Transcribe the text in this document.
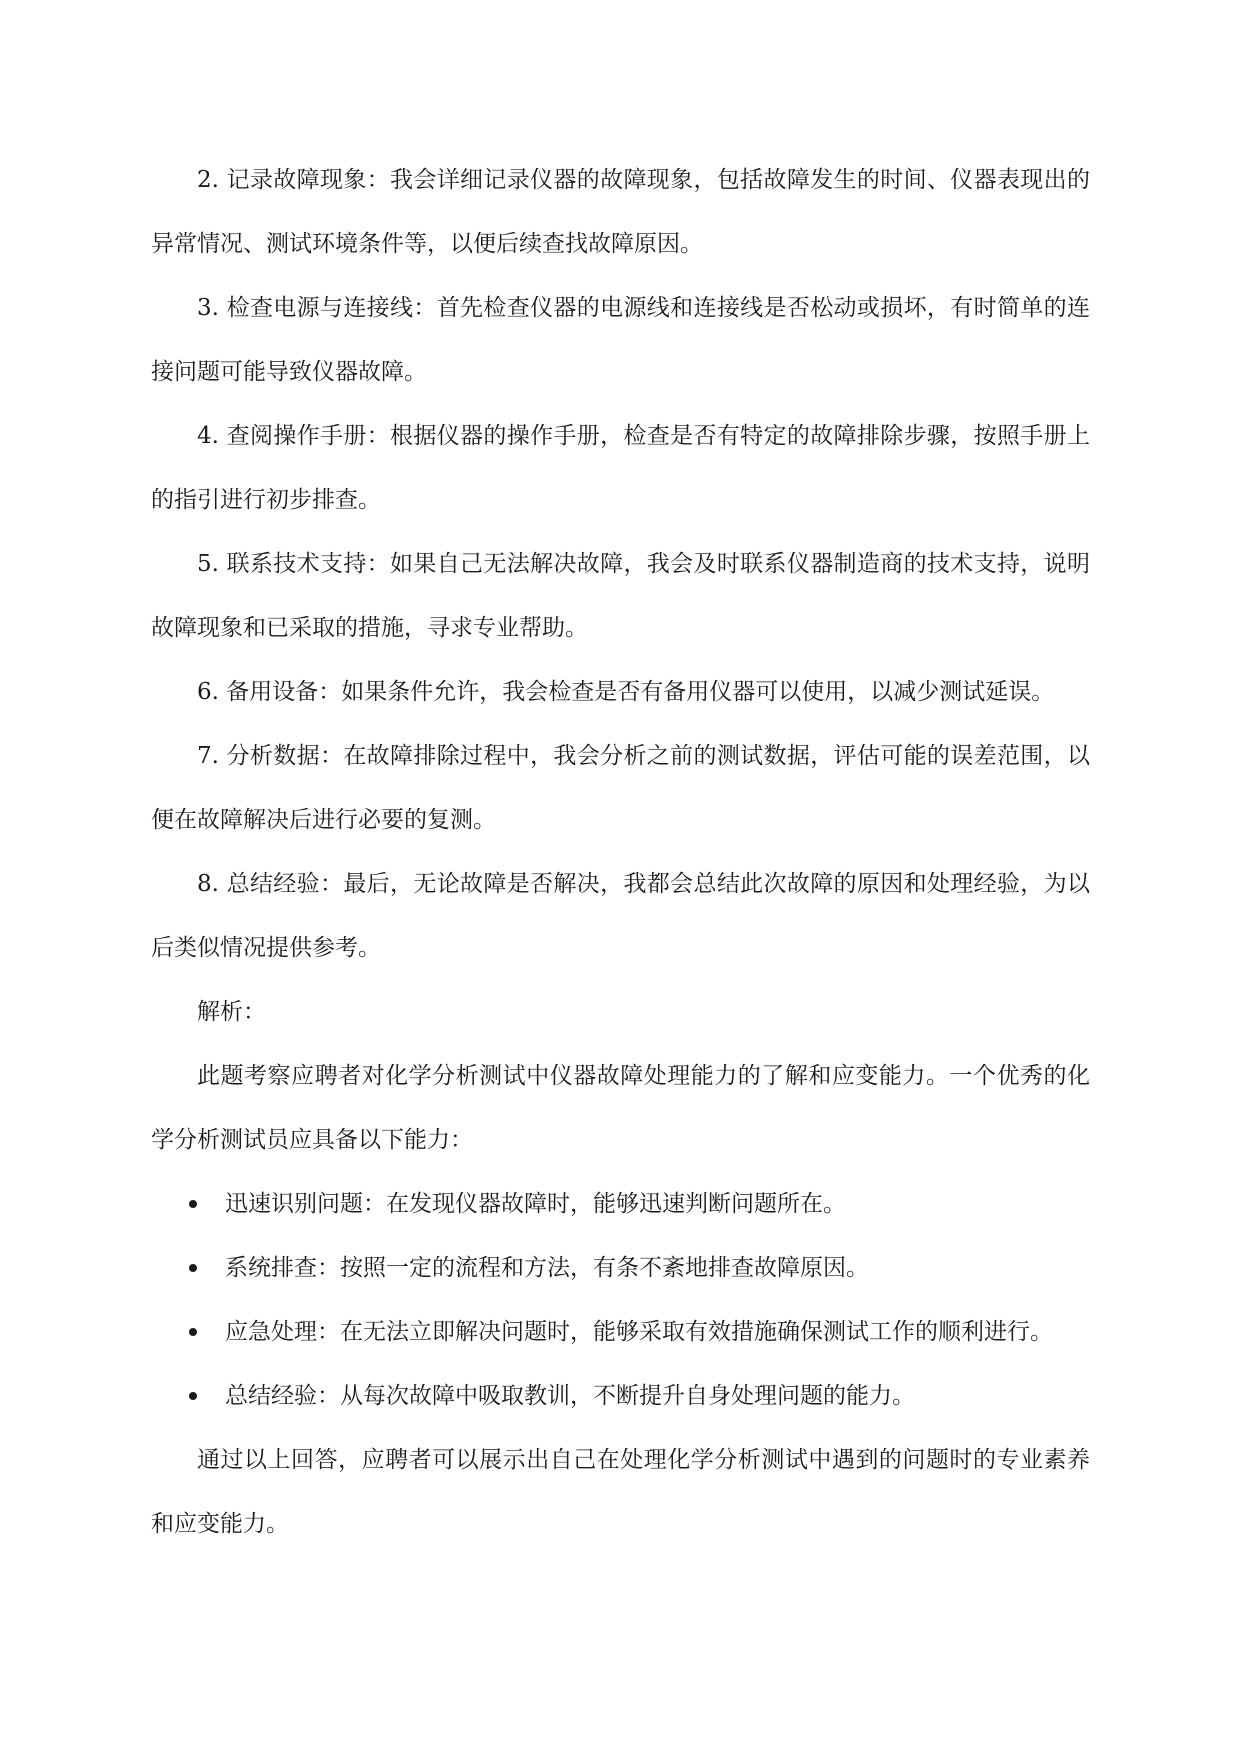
2. 记录故障现象：我会详细记录仪器的故障现象，包括故障发生的时间、仪器表现出的异常情况、测试环境条件等，以便后续查找故障原因。

3. 检查电源与连接线：首先检查仪器的电源线和连接线是否松动或损坏，有时简单的连接问题可能导致仪器故障。

4. 查阅操作手册：根据仪器的操作手册，检查是否有特定的故障排除步骤，按照手册上的指引进行初步排查。

5. 联系技术支持：如果自己无法解决故障，我会及时联系仪器制造商的技术支持，说明故障现象和已采取的措施，寻求专业帮助。

6. 备用设备：如果条件允许，我会检查是否有备用仪器可以使用，以减少测试延误。

7. 分析数据：在故障排除过程中，我会分析之前的测试数据，评估可能的误差范围，以便在故障解决后进行必要的复测。

8. 总结经验：最后，无论故障是否解决，我都会总结此次故障的原因和处理经验，为以后类似情况提供参考。

解析：

此题考察应聘者对化学分析测试中仪器故障处理能力的了解和应变能力。一个优秀的化学分析测试员应具备以下能力：

迅速识别问题：在发现仪器故障时，能够迅速判断问题所在。
系统排查：按照一定的流程和方法，有条不紊地排查故障原因。
应急处理：在无法立即解决问题时，能够采取有效措施确保测试工作的顺利进行。
总结经验：从每次故障中吸取教训，不断提升自身处理问题的能力。

通过以上回答，应聘者可以展示出自己在处理化学分析测试中遇到的问题时的专业素养和应变能力。
